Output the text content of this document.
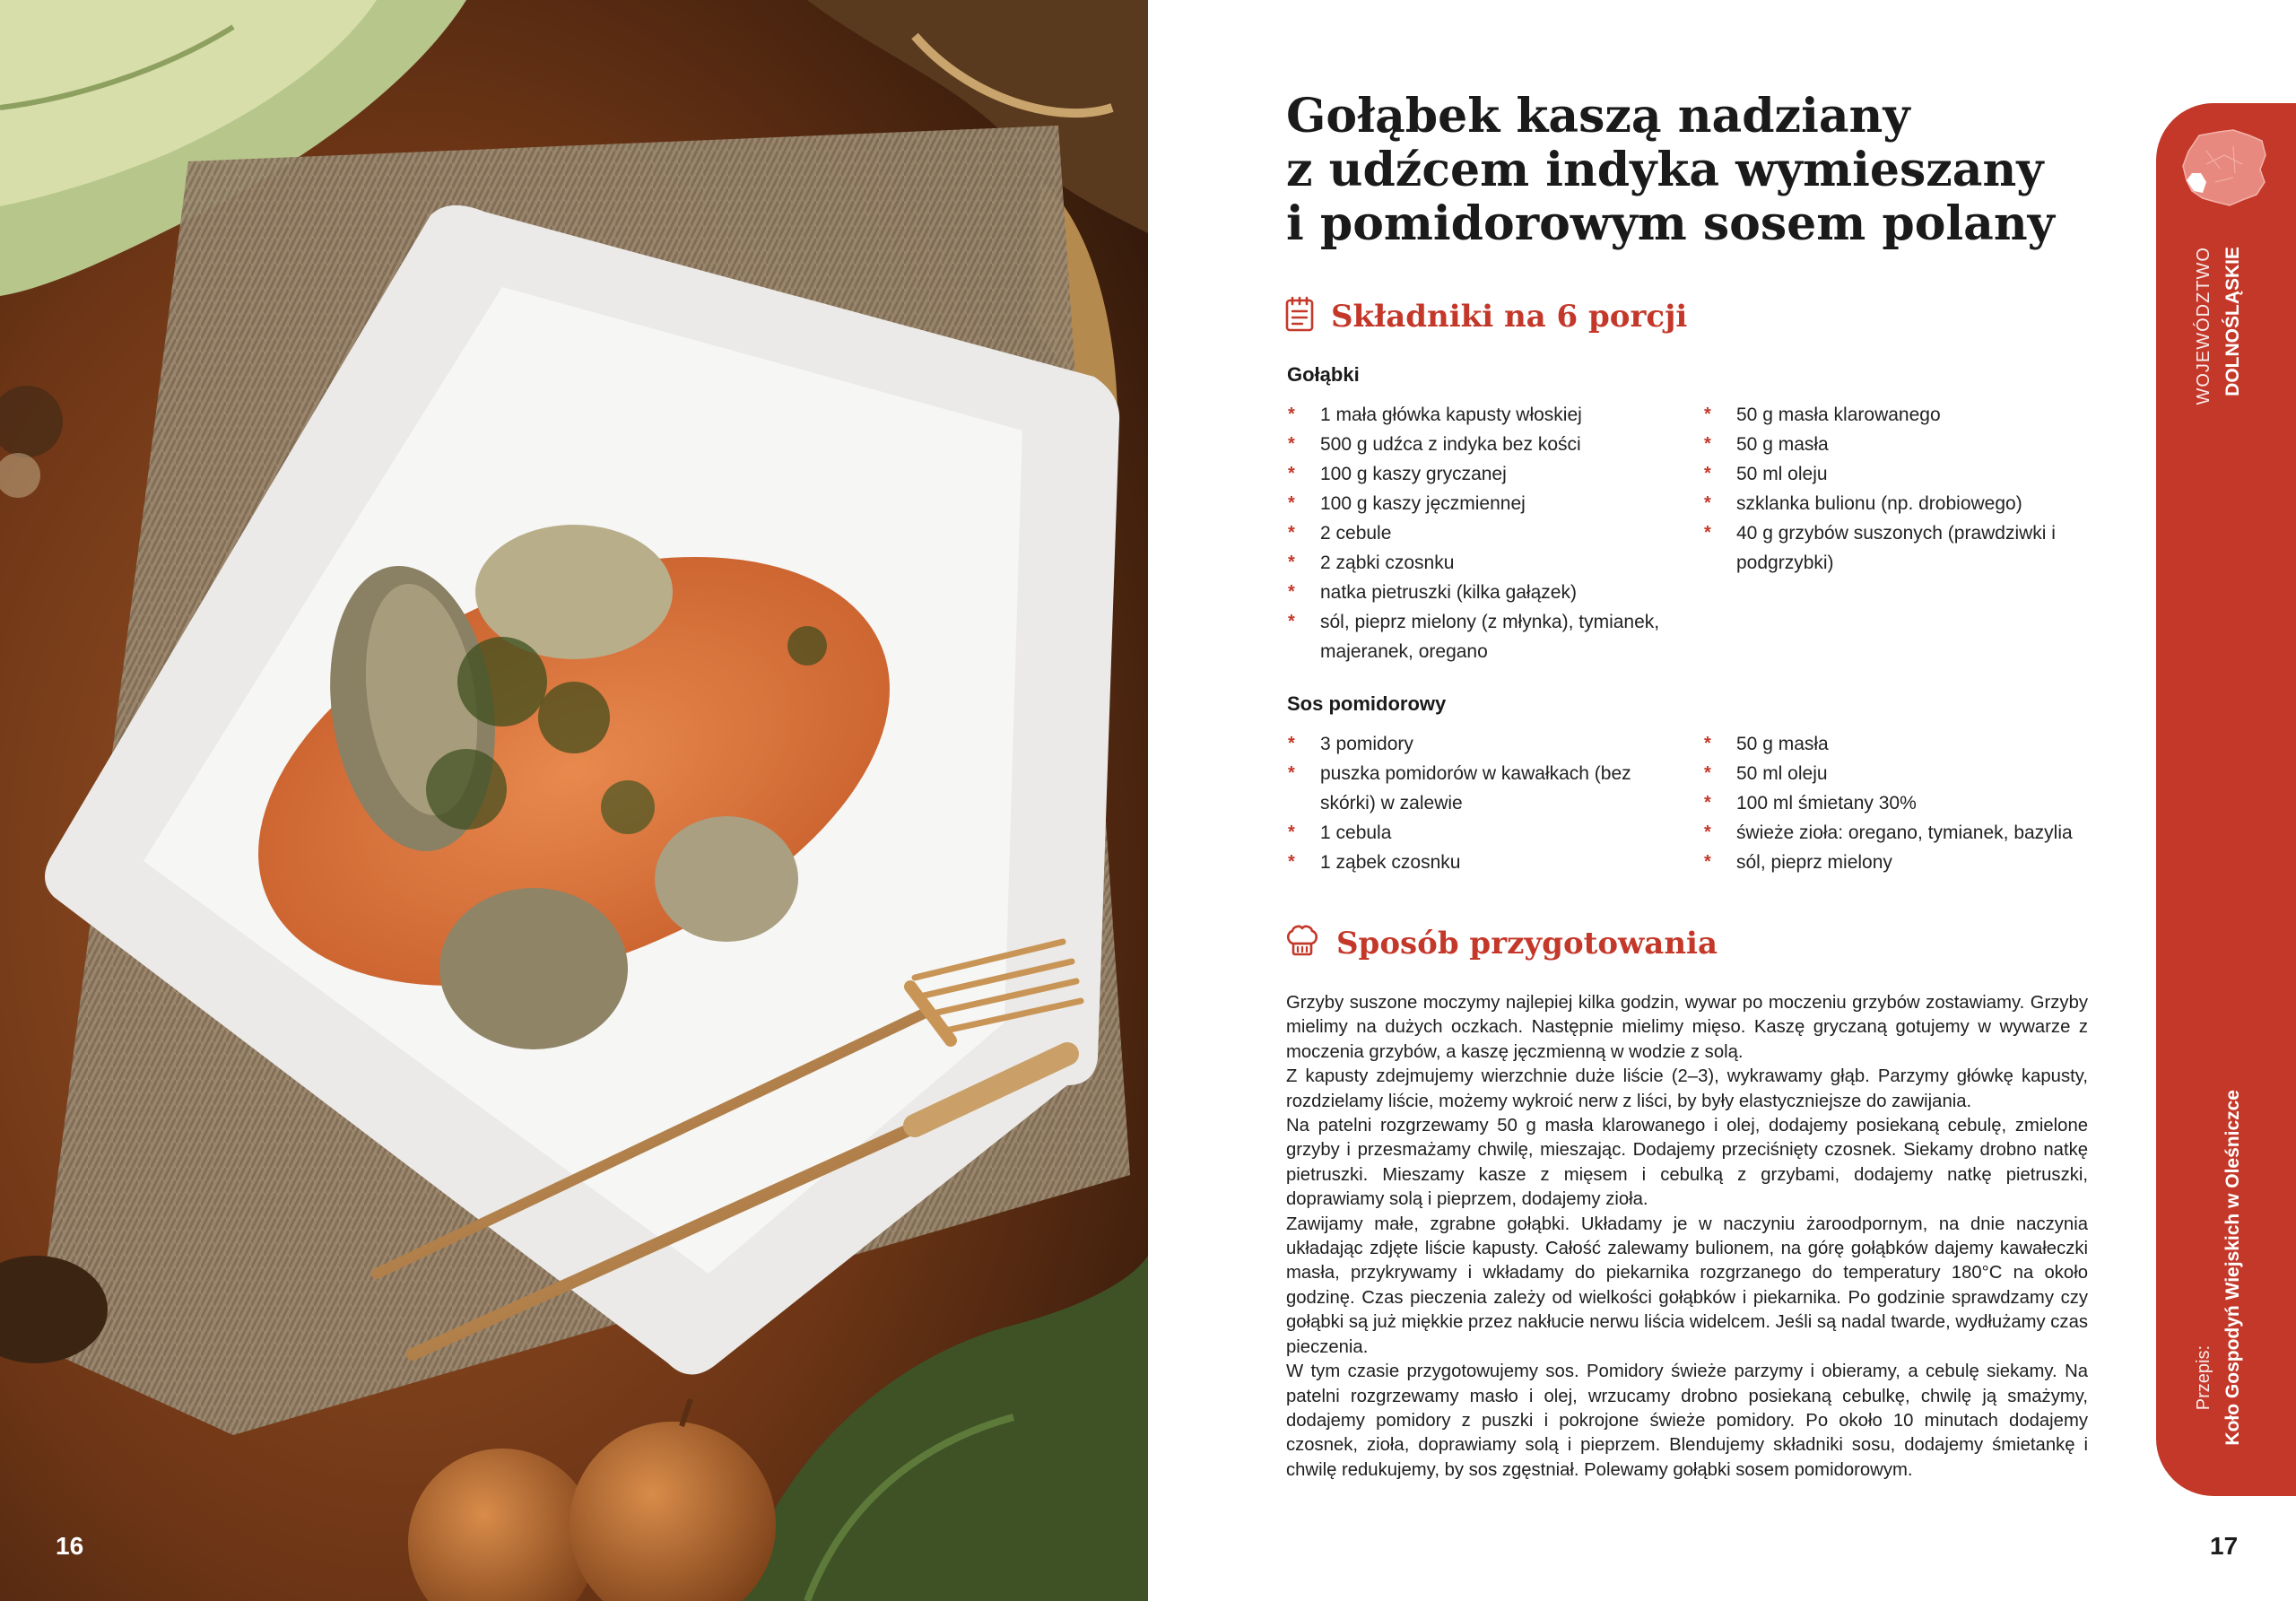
16
Gołąbek kaszą nadziany
z udźcem indyka wymieszany
i pomidorowym sosem polany
Składniki na 6 porcji
Gołąbki
* 1 mała główka kapusty włoskiej
* 500 g udźca z indyka bez kości
* 100 g kaszy gryczanej
* 100 g kaszy jęczmiennej
* 2 cebule
* 2 ząbki czosnku
* natka pietruszki (kilka gałązek)
* sól, pieprz mielony (z młynka), tymianek, majeranek, oregano
* 50 g masła klarowanego
* 50 g masła
* 50 ml oleju
* szklanka bulionu (np. drobiowego)
* 40 g grzybów suszonych (prawdziwki i podgrzybki)
Sos pomidorowy
* 3 pomidory
* puszka pomidorów w kawałkach (bez skórki) w zalewie
* 1 cebula
* 1 ząbek czosnku
* 50 g masła
* 50 ml oleju
* 100 ml śmietany 30%
* świeże zioła: oregano, tymianek, bazylia
* sól, pieprz mielony
Sposób przygotowania

Grzyby suszone moczymy najlepiej kilka godzin, wywar po moczeniu grzybów zostawiamy. Grzyby mielimy na dużych oczkach. Następnie mielimy mięso. Kaszę gryczaną gotujemy w wywarze z moczenia grzybów, a kaszę jęczmienną w wodzie z solą.

Z kapusty zdejmujemy wierzchnie duże liście (2–3), wykrawamy głąb. Parzymy główkę kapusty, rozdzielamy liście, możemy wykroić nerw z liści, by były elastyczniejsze do zawijania.

Na patelni rozgrzewamy 50 g masła klarowanego i olej, dodajemy posiekaną cebulę, zmielone grzyby i przesmażamy chwilę, mieszając. Dodajemy przeciśnięty czosnek. Siekamy drobno natkę pietruszki. Mieszamy kasze z mięsem i cebulką z grzybami, dodajemy natkę pietruszki, doprawiamy solą i pieprzem, dodajemy zioła.

Zawijamy małe, zgrabne gołąbki. Układamy je w naczyniu żaroodpornym, na dnie naczynia układając zdjęte liście kapusty. Całość zalewamy bulionem, na górę gołąbków dajemy kawałeczki masła, przykrywamy i wkładamy do piekarnika rozgrzanego do temperatury 180°C na około godzinę. Czas pieczenia zależy od wielkości gołąbków i piekarnika. Po godzinie sprawdzamy czy gołąbki są już miękkie przez nakłucie nerwu liścia widelcem. Jeśli są nadal twarde, wydłużamy czas pieczenia.

W tym czasie przygotowujemy sos. Pomidory świeże parzymy i obieramy, a cebulę siekamy. Na patelni rozgrzewamy masło i olej, wrzucamy drobno posiekaną cebulkę, chwilę ją smażymy, dodajemy pomidory z puszki i pokrojone świeże pomidory. Po około 10 minutach dodajemy czosnek, zioła, doprawiamy solą i pieprzem. Blendujemy składniki sosu, dodajemy śmietankę i chwilę redukujemy, by sos zgęstniał. Polewamy gołąbki sosem pomidorowym.

17
WOJEWÓDZTWO DOLNOŚLĄSKIE
Przepis: Koło Gospodyń Wiejskich w Oleśniczce
